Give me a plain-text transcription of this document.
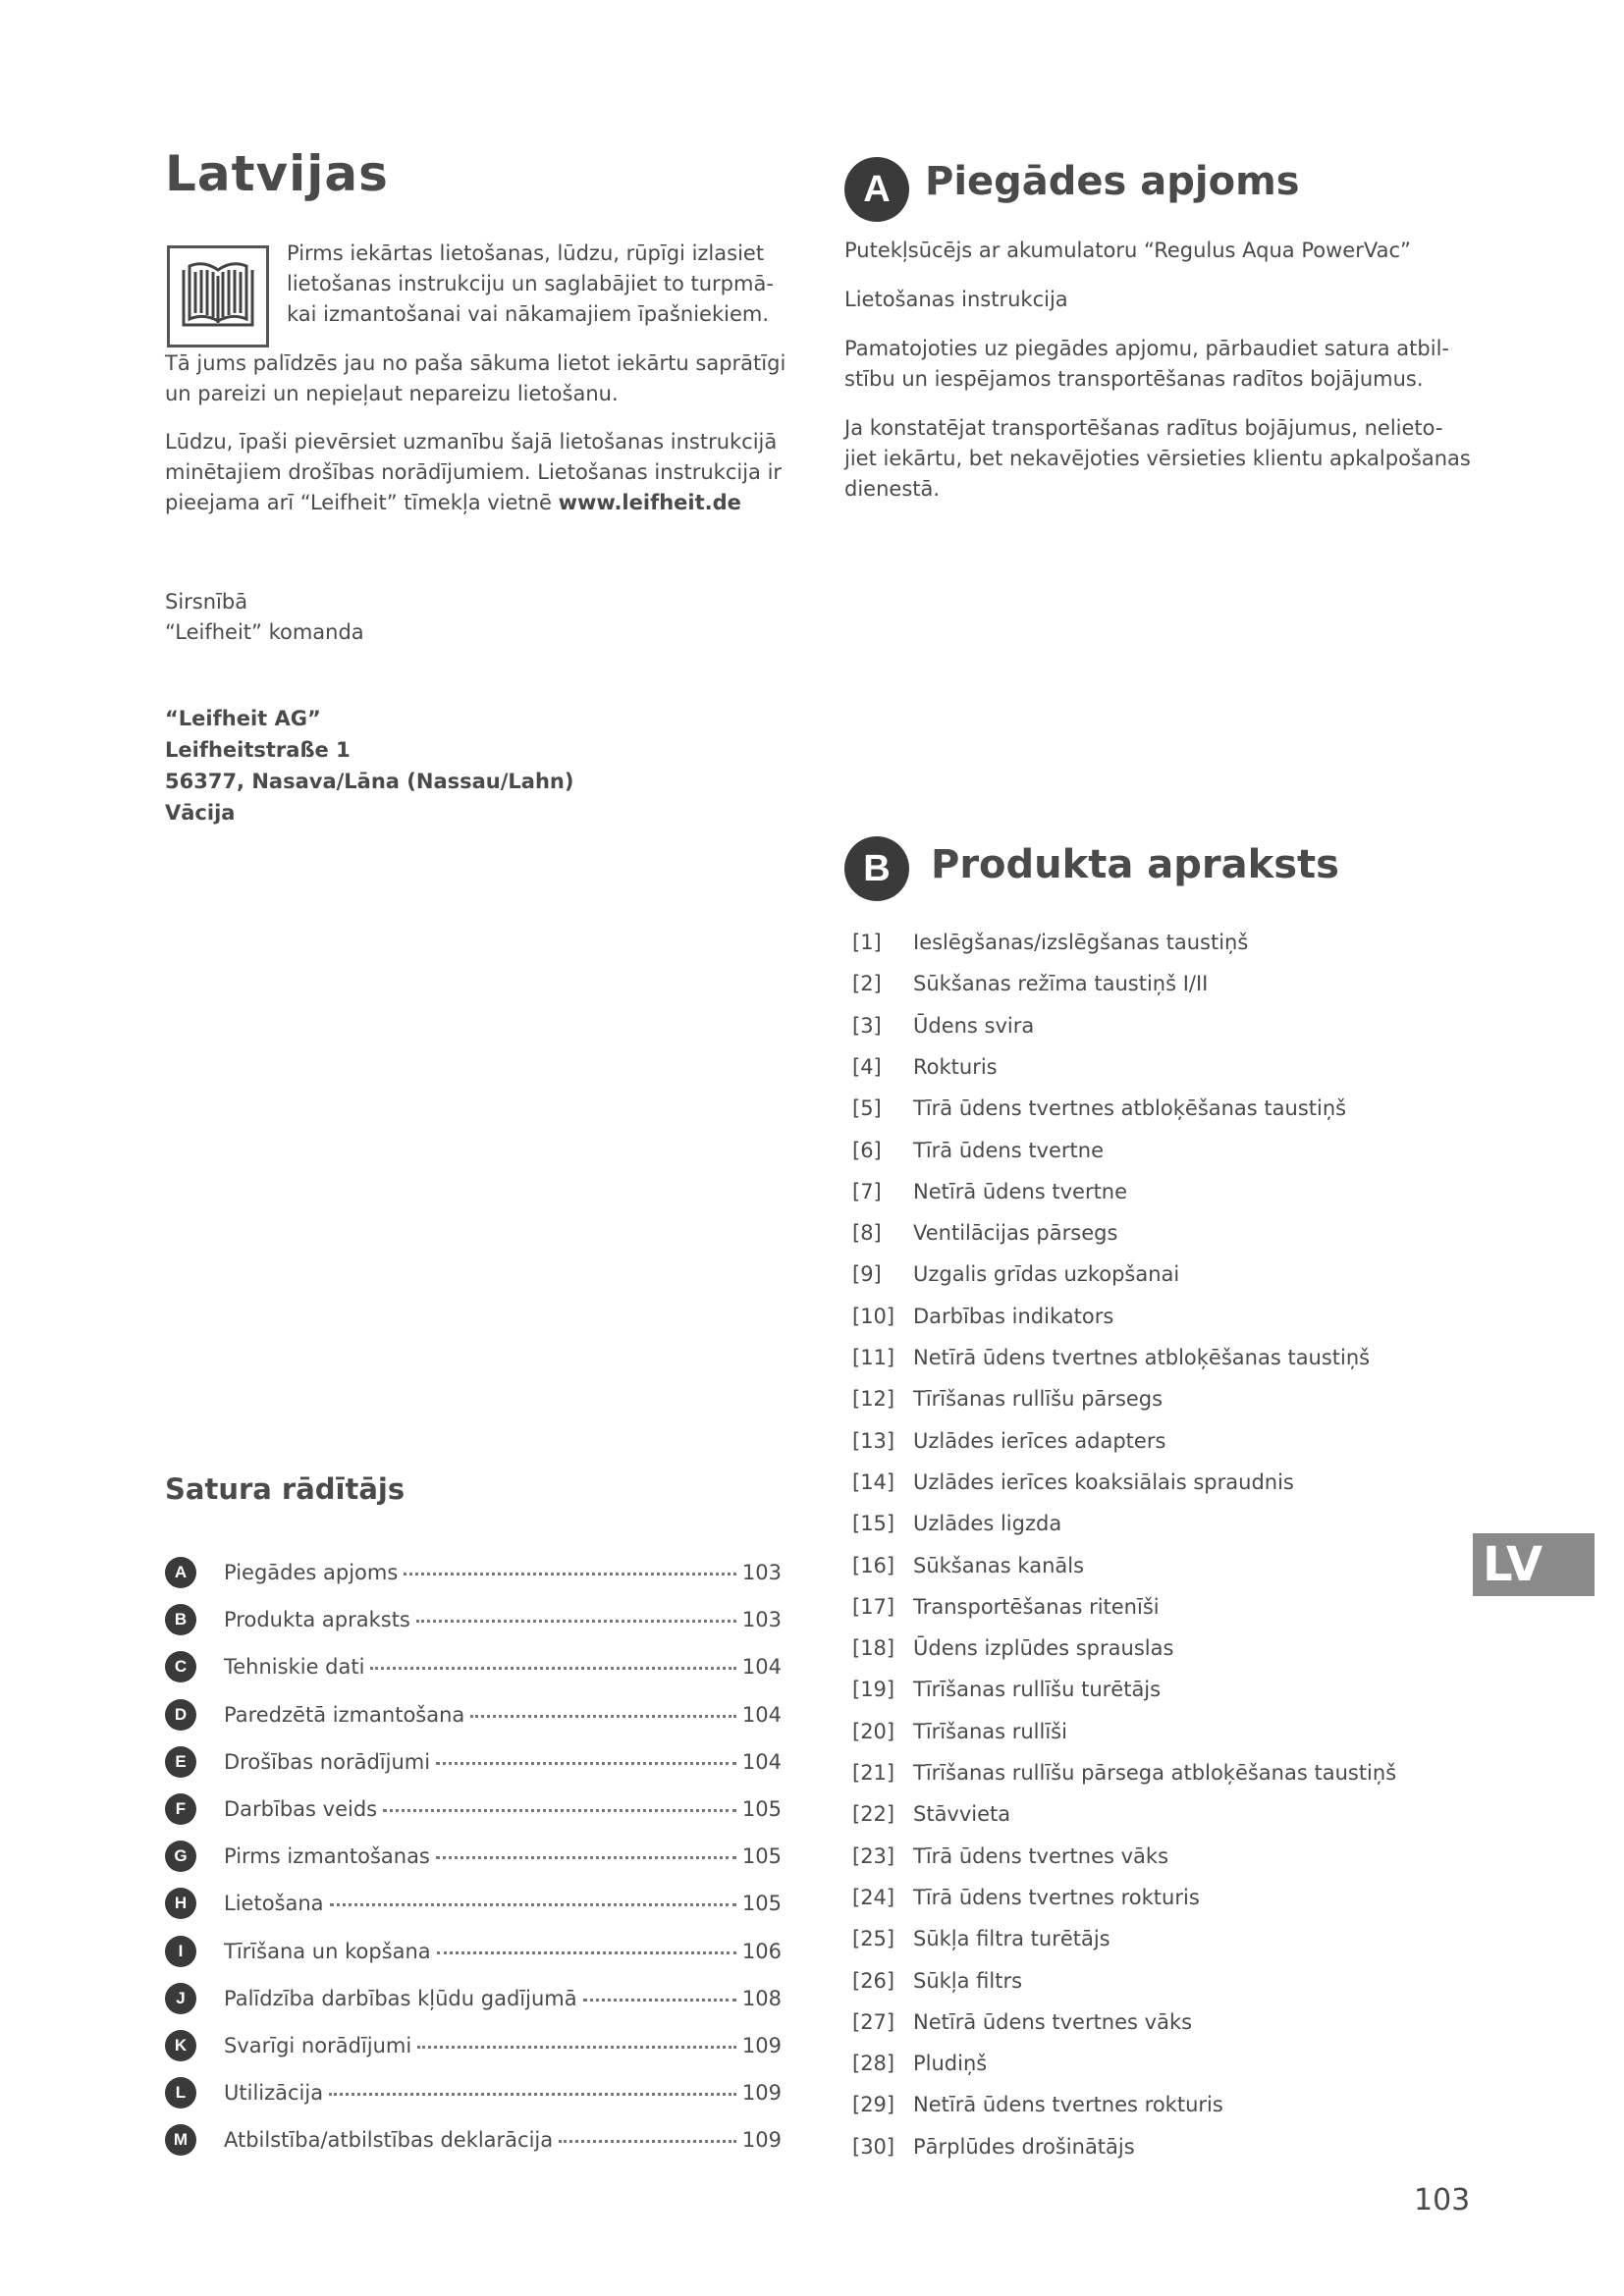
Latvijas

Pirms iekārtas lietošanas, lūdzu, rūpīgi izlasiet

lietošanas instrukciju un saglabājiet to turpmā-

kai izmantošanai vai nākamajiem īpašniekiem.

Tā jums palīdzēs jau no paša sākuma lietot iekārtu saprātīgi

un pareizi un nepieļaut nepareizu lietošanu.

Lūdzu, īpaši pievērsiet uzmanību šajā lietošanas instrukcijā

minētajiem drošības norādījumiem. Lietošanas instrukcija ir

pieejama arī “Leifheit” tīmekļa vietnē www.leifheit.de

Sirsnībā

“Leifheit” komanda

“Leifheit AG”

Leifheitstraße 1

56377, Nasava/Lāna (Nassau/Lahn)

Vācija

A Piegādes apjoms

Putekļsūcējs ar akumulatoru “Regulus Aqua PowerVac”

Lietošanas instrukcija

Pamatojoties uz piegādes apjomu, pārbaudiet satura atbil-

stību un iespējamos transportēšanas radītos bojājumus.

Ja konstatējat transportēšanas radītus bojājumus, nelieto-

jiet iekārtu, bet nekavējoties vērsieties klientu apkalpošanas

dienestā.

B	Produkta apraksts
[1]	Ieslēgšanas/izslēgšanas taustiņš
[2]	Sūkšanas režīma taustiņš I/II
[3]	Ūdens svira
[4]	Rokturis
[5]	Tīrā ūdens tvertnes atbloķēšanas taustiņš
[6]	Tīrā ūdens tvertne
[7]	Netīrā ūdens tvertne
[8]	Ventilācijas pārsegs
[9]	Uzgalis grīdas uzkopšanai
[10] Darbības indikators
[11] Netīrā ūdens tvertnes atbloķēšanas taustiņš
[12] Tīrīšanas rullīšu pārsegs
[13] Uzlādes ierīces adapters
[14] Uzlādes ierīces koaksiālais spraudnis
[15] Uzlādes ligzda
[16] Sūkšanas kanāls
[17] Transportēšanas ritenīši
[18] Ūdens izplūdes sprauslas
[19] Tīrīšanas rullīšu turētājs
[20] Tīrīšanas rullīši
[21] Tīrīšanas rullīšu pārsega atbloķēšanas taustiņš
[22] Stāvvieta
[23] Tīrā ūdens tvertnes vāks
[24] Tīrā ūdens tvertnes rokturis
[25] Sūkļa filtra turētājs
[26] Sūkļa filtrs
[27] Netīrā ūdens tvertnes vāks
[28] Pludiņš
[29] Netīrā ūdens tvertnes rokturis
[30] Pārplūdes drošinātājs
Satura rādītājs
A	Piegādes apjoms	103
B	Produkta apraksts	103
C	Tehniskie dati	104
D	Paredzētā izmantošana	104
E	Drošības norādījumi	104
F	Darbības veids	105
G	Pirms izmantošanas	105
H	Lietošana	105
I	Tīrīšana un kopšana	106
J	Palīdzība darbības kļūdu gadījumā	108
K	Svarīgi norādījumi	109
L	Utilizācija	109
M	Atbilstība/atbilstības deklarācija	109
LV
103
